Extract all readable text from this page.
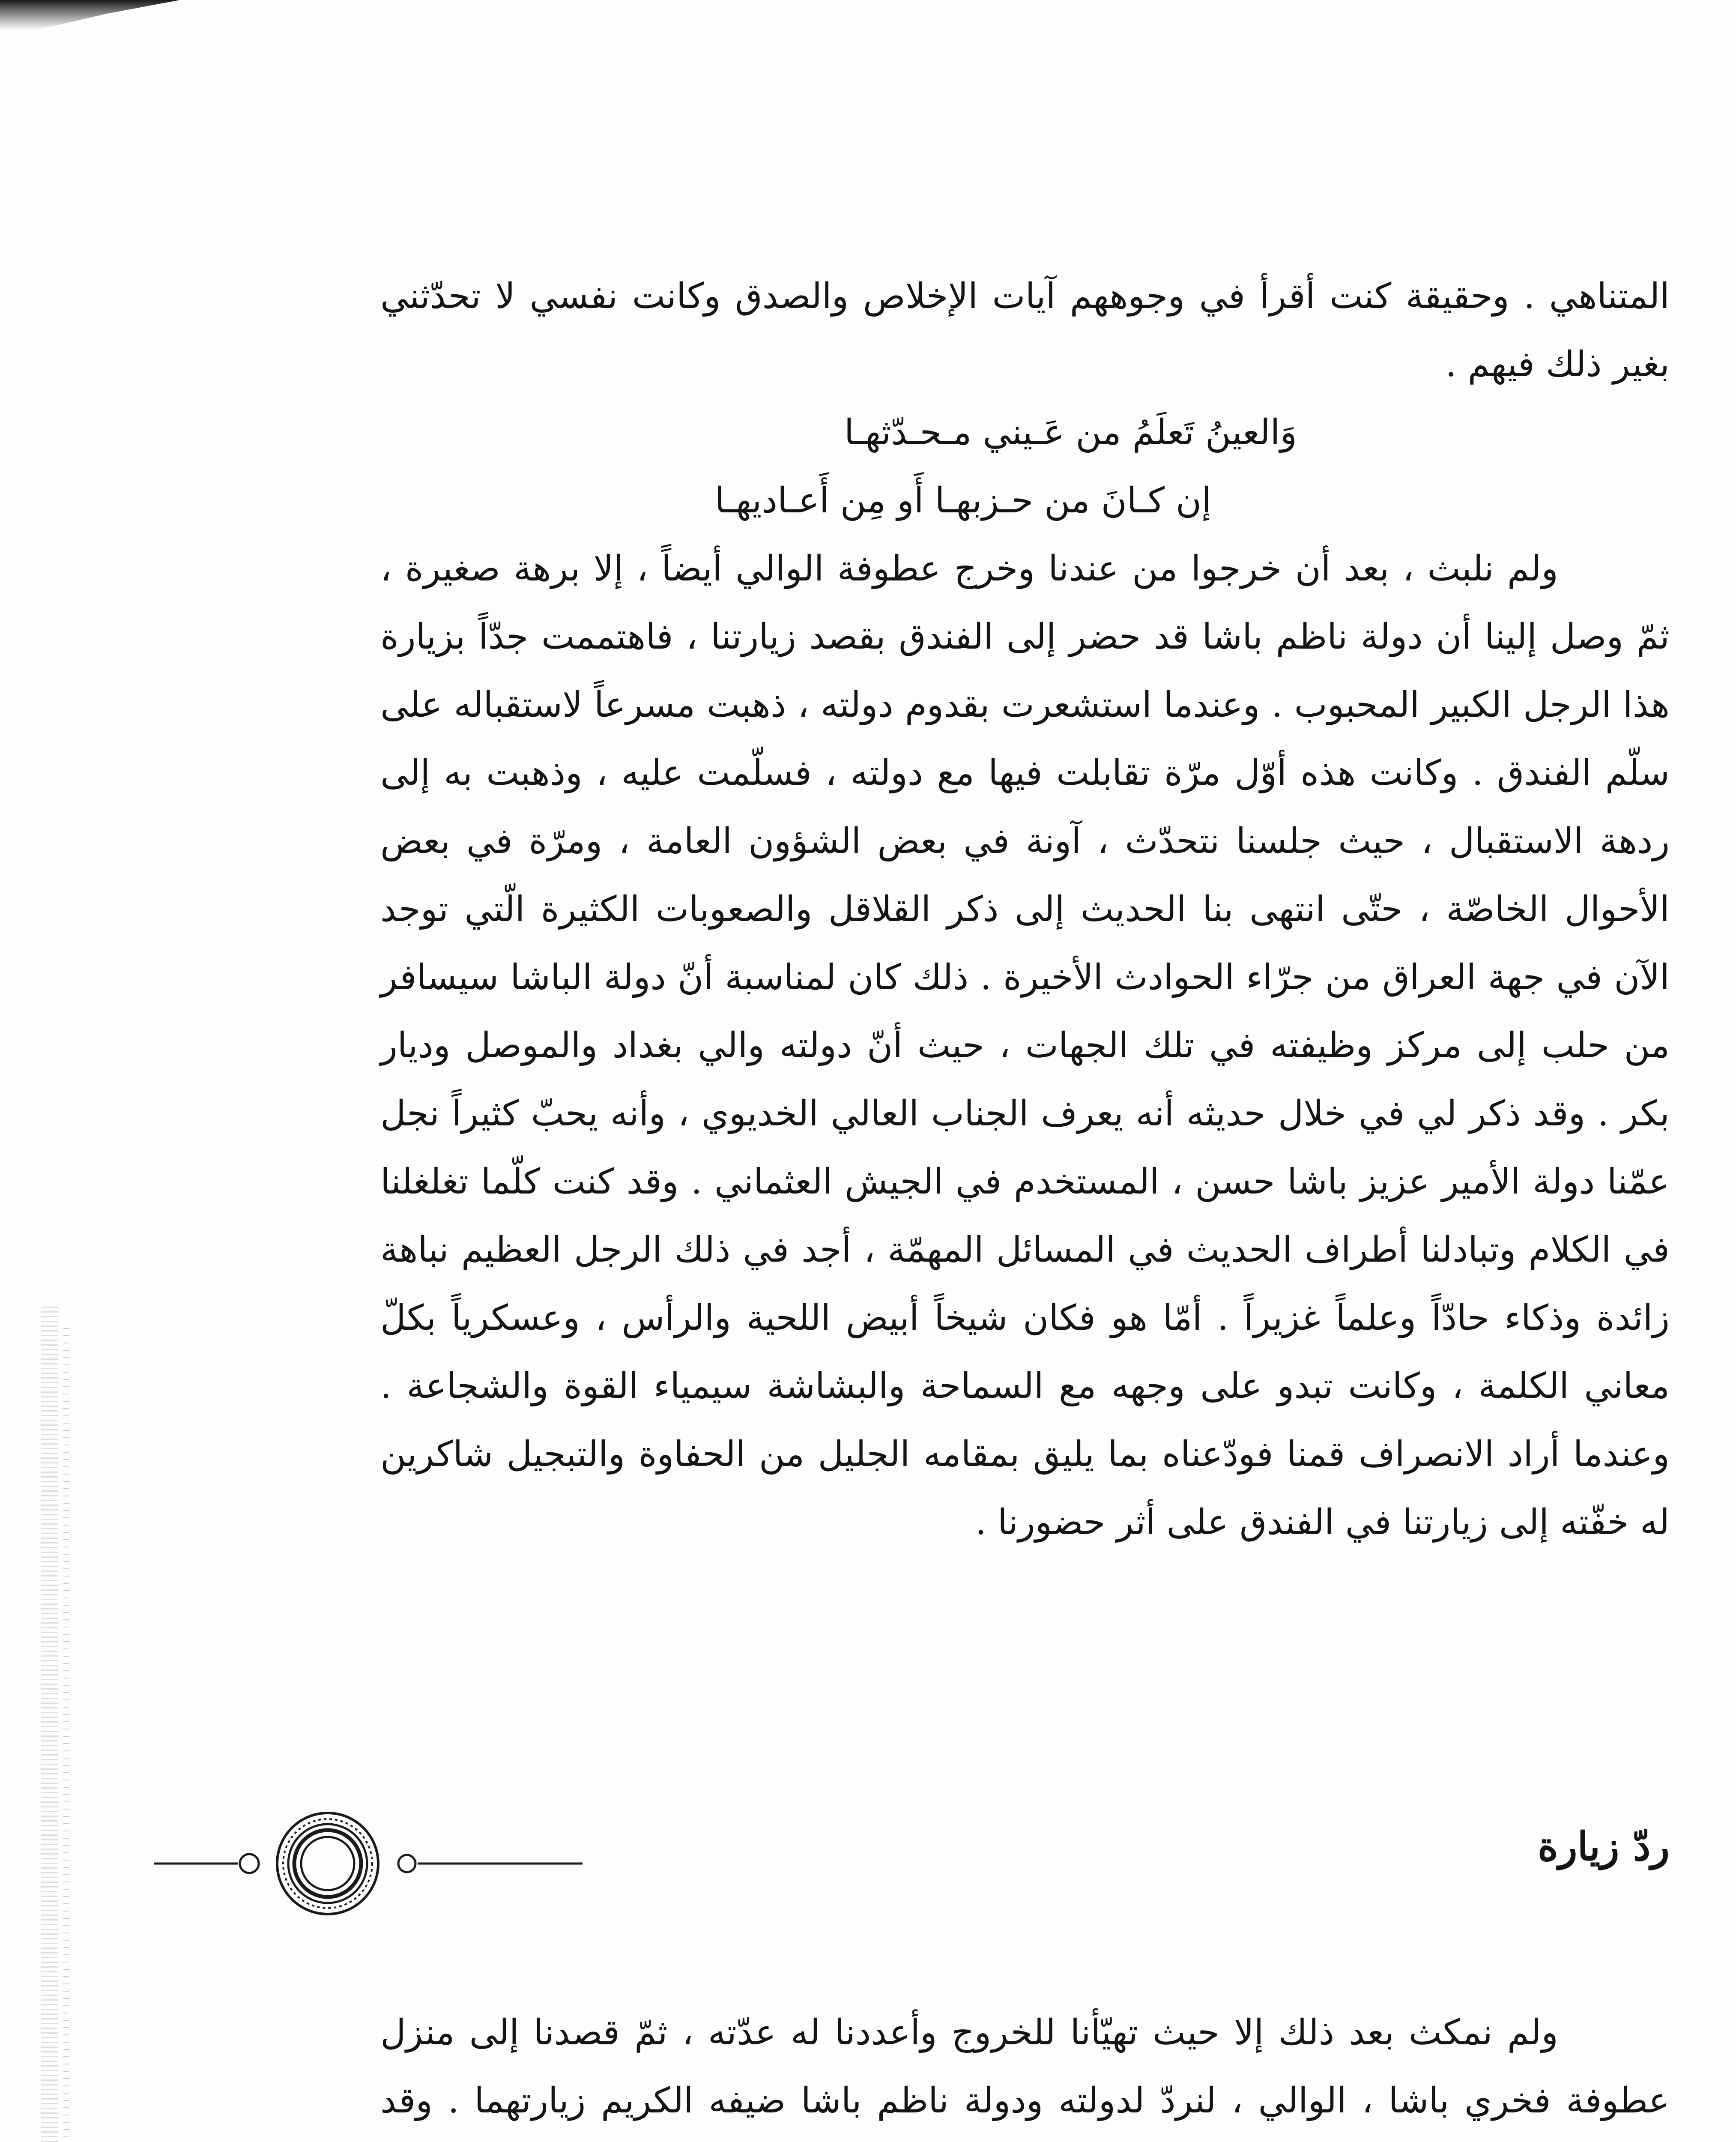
المتناهي . وحقيقة كنت أقرأ في وجوههم آيات الإخلاص والصدق وكانت نفسي لا تحدّثني بغير ذلك فيهم .

وَالعينُ تَعلَمُ من عَـيني مـحـدّثهـا
إن كـانَ من حـزبهـا أَو مِن أَعـاديهـا

ولم نلبث ، بعد أن خرجوا من عندنا وخرج عطوفة الوالي أيضاً ، إلا برهة صغيرة ، ثمّ وصل إلينا أن دولة ناظم باشا قد حضر إلى الفندق بقصد زيارتنا ، فاهتممت جدّاً بزيارة هذا الرجل الكبير المحبوب . وعندما استشعرت بقدوم دولته ، ذهبت مسرعاً لاستقباله على سلّم الفندق . وكانت هذه أوّل مرّة تقابلت فيها مع دولته ، فسلّمت عليه ، وذهبت به إلى ردهة الاستقبال ، حيث جلسنا نتحدّث ، آونة في بعض الشؤون العامة ، ومرّة في بعض الأحوال الخاصّة ، حتّى انتهى بنا الحديث إلى ذكر القلاقل والصعوبات الكثيرة الّتي توجد الآن في جهة العراق من جرّاء الحوادث الأخيرة . ذلك كان لمناسبة أنّ دولة الباشا سيسافر من حلب إلى مركز وظيفته في تلك الجهات ، حيث أنّ دولته والي بغداد والموصل وديار بكر . وقد ذكر لي في خلال حديثه أنه يعرف الجناب العالي الخديوي ، وأنه يحبّ كثيراً نجل عمّنا دولة الأمير عزيز باشا حسن ، المستخدم في الجيش العثماني . وقد كنت كلّما تغلغلنا في الكلام وتبادلنا أطراف الحديث في المسائل المهمّة ، أجد في ذلك الرجل العظيم نباهة زائدة وذكاء حادّاً وعلماً غزيراً . أمّا هو فكان شيخاً أبيض اللحية والرأس ، وعسكرياً بكلّ معاني الكلمة ، وكانت تبدو على وجهه مع السماحة والبشاشة سيمياء القوة والشجاعة . وعندما أراد الانصراف قمنا فودّعناه بما يليق بمقامه الجليل من الحفاوة والتبجيل شاكرين له خفّته إلى زيارتنا في الفندق على أثر حضورنا .

ردّ زيارة

ولم نمكث بعد ذلك إلا حيث تهيّأنا للخروج وأعددنا له عدّته ، ثمّ قصدنا إلى منزل عطوفة فخري باشا ، الوالي ، لنردّ لدولته ودولة ناظم باشا ضيفه الكريم زيارتهما . وقد
